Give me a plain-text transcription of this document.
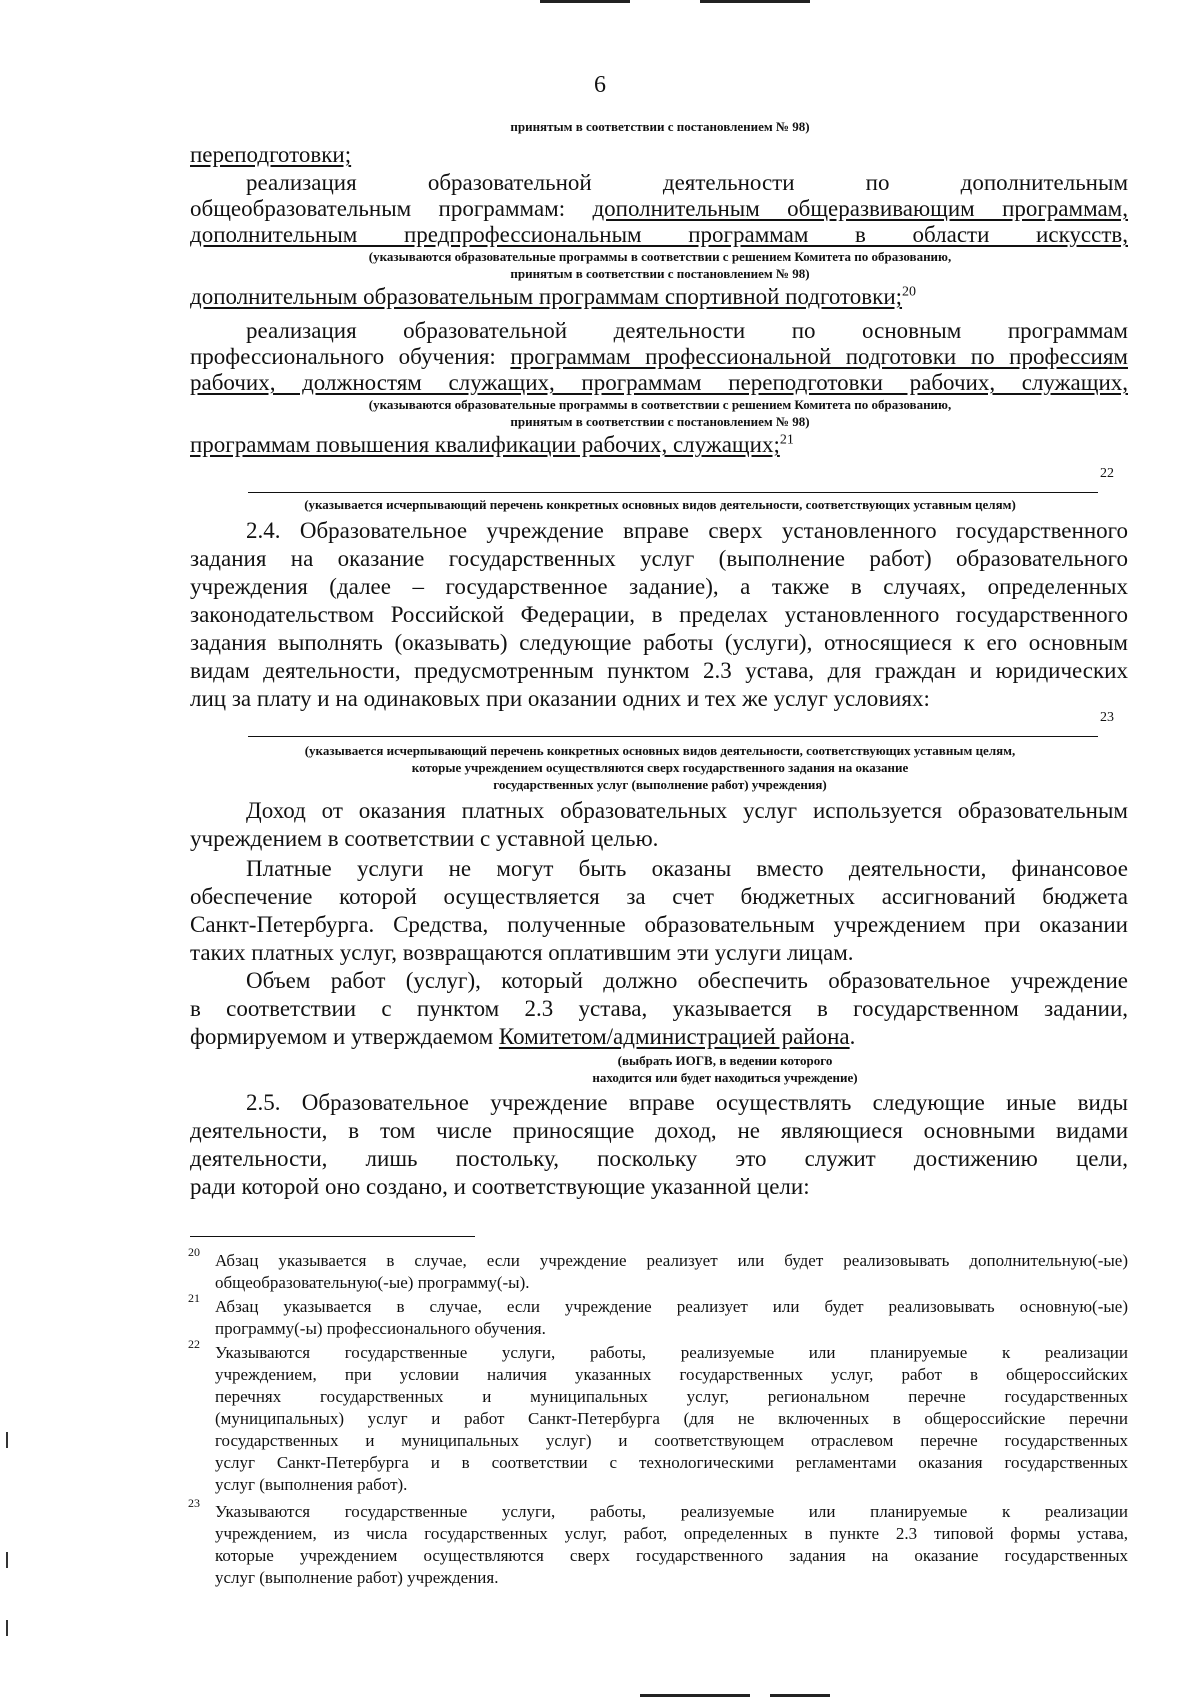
6
принятым в соответствии с постановлением № 98)
переподготовки;
реализация образовательной деятельности по дополнительным
общеобразовательным программам: дополнительным общеразвивающим программам,
дополнительным предпрофессиональным программам в области искусств,
(указываются образовательные программы в соответствии с решением Комитета по образованию,
принятым в соответствии с постановлением № 98)
дополнительным образовательным программам спортивной подготовки;$^{20}$
реализация образовательной деятельности по основным программам
профессионального обучения: программам профессиональной подготовки по профессиям
рабочих, должностям служащих, программам переподготовки рабочих, служащих,
(указываются образовательные программы в соответствии с решением Комитета по образованию,
принятым в соответствии с постановлением № 98)
программам повышения квалификации рабочих, служащих;$^{21}$
22
(указывается исчерпывающий перечень конкретных основных видов деятельности, соответствующих уставным целям)
2.4. Образовательное учреждение вправе сверх установленного государственного
задания на оказание государственных услуг (выполнение работ) образовательного
учреждения (далее – государственное задание), а также в случаях, определенных
законодательством Российской Федерации, в пределах установленного государственного
задания выполнять (оказывать) следующие работы (услуги), относящиеся к его основным
видам деятельности, предусмотренным пунктом 2.3 устава, для граждан и юридических
лиц за плату и на одинаковых при оказании одних и тех же услуг условиях:
23
(указывается исчерпывающий перечень конкретных основных видов деятельности, соответствующих уставным целям,
которые учреждением осуществляются сверх государственного задания на оказание
государственных услуг (выполнение работ) учреждения)
Доход от оказания платных образовательных услуг используется образовательным
учреждением в соответствии с уставной целью.
Платные услуги не могут быть оказаны вместо деятельности, финансовое
обеспечение которой осуществляется за счет бюджетных ассигнований бюджета
Санкт-Петербурга. Средства, полученные образовательным учреждением при оказании
таких платных услуг, возвращаются оплатившим эти услуги лицам.
Объем работ (услуг), который должно обеспечить образовательное учреждение
в соответствии с пунктом 2.3 устава, указывается в государственном задании,
формируемом и утверждаемом Комитетом/администрацией района.
(выбрать ИОГВ, в ведении которого
находится или будет находиться учреждение)
2.5. Образовательное учреждение вправе осуществлять следующие иные виды
деятельности, в том числе приносящие доход, не являющиеся основными видами
деятельности, лишь постольку, поскольку это служит достижению цели,
ради которой оно создано, и соответствующие указанной цели:
20 Абзац указывается в случае, если учреждение реализует или будет реализовывать дополнительную(-ые)
общеобразовательную(-ые) программу(-ы).
21 Абзац указывается в случае, если учреждение реализует или будет реализовывать основную(-ые)
программу(-ы) профессионального обучения.
22 Указываются государственные услуги, работы, реализуемые или планируемые к реализации
учреждением, при условии наличия указанных государственных услуг, работ в общероссийских
перечнях государственных и муниципальных услуг, региональном перечне государственных
(муниципальных) услуг и работ Санкт-Петербурга (для не включенных в общероссийские перечни
государственных и муниципальных услуг) и соответствующем отраслевом перечне государственных
услуг Санкт-Петербурга и в соответствии с технологическими регламентами оказания государственных
услуг (выполнения работ).
23 Указываются государственные услуги, работы, реализуемые или планируемые к реализации
учреждением, из числа государственных услуг, работ, определенных в пункте 2.3 типовой формы устава,
которые учреждением осуществляются сверх государственного задания на оказание государственных
услуг (выполнение работ) учреждения.
